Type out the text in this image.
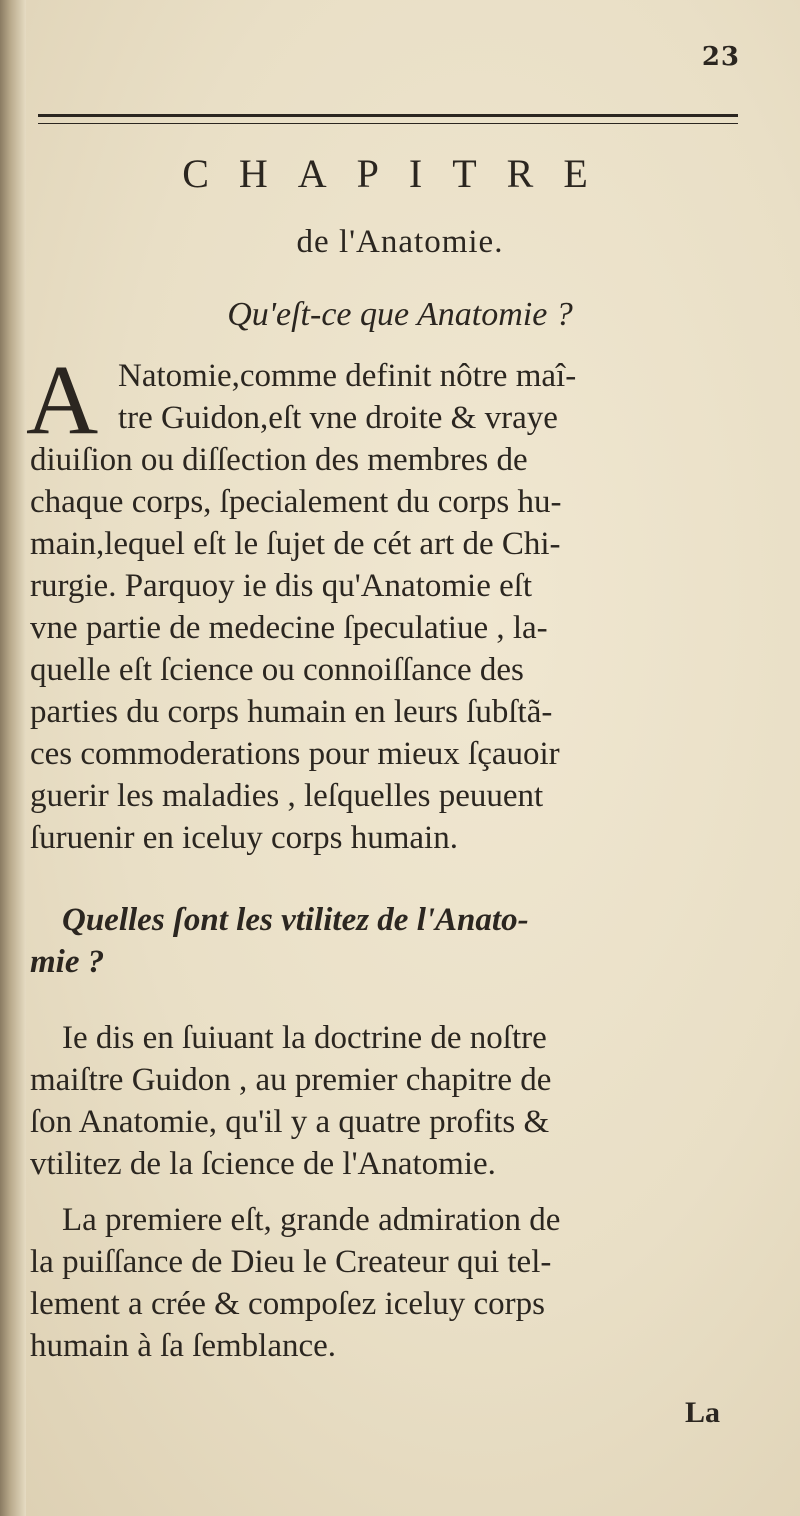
23
CHAPITRE
de l'Anatomie.
Qu'eſt-ce que Anatomie ?
A Natomie,comme definit nôtre maî-
tre Guidon,eſt vne droite & vraye
diuiſion ou diſſection des membres de
chaque corps, ſpecialement du corps hu-
main,lequel eſt le ſujet de cét art de Chi-
rurgie. Parquoy ie dis qu'Anatomie eſt
vne partie de medecine ſpeculatiue , la-
quelle eſt ſcience ou connoiſſance des
parties du corps humain en leurs ſubſtã-
ces commoderations pour mieux ſçauoir
guerir les maladies , leſquelles peuuent
ſuruenir en iceluy corps humain.
Quelles ſont les vtilitez de l'Anato-
mie ?
Ie dis en ſuiuant la doctrine de noſtre
maiſtre Guidon , au premier chapitre de
ſon Anatomie, qu'il y a quatre profits &
vtilitez de la ſcience de l'Anatomie.
La premiere eſt, grande admiration de
la puiſſance de Dieu le Createur qui tel-
lement a crée & compoſez iceluy corps
humain à ſa ſemblance.
La
